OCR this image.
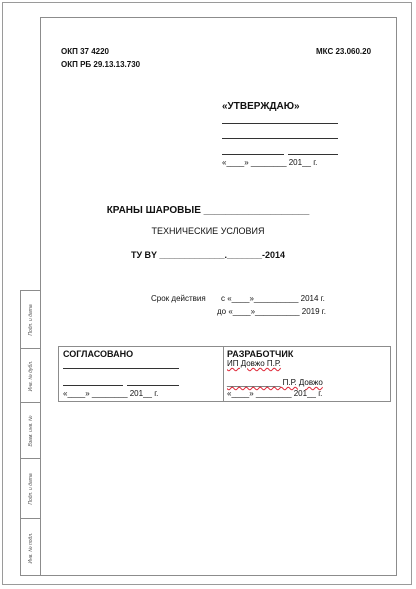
Подп. и дата
Инв. № дубл.
Взам. инв. №
Подп. и дата
Инв. № подл.
ОКП 37 4220
ОКП РБ 29.13.13.730
МКС 23.060.20
«УТВЕРЖДАЮ»
«____» ________ 201__ г.
КРАНЫ ШАРОВЫЕ ___________________
ТЕХНИЧЕСКИЕ УСЛОВИЯ
ТУ BY _____________._______-2014
Срок действия с «____»__________ 2014 г.
до «____»__________ 2019 г.
СОГЛАСОВАНО
«____» ________ 201__ г.
РАЗРАБОТЧИК
ИП Довжо П.Р.
____________ П.Р. Довжо
«____» ________ 201__ г.
